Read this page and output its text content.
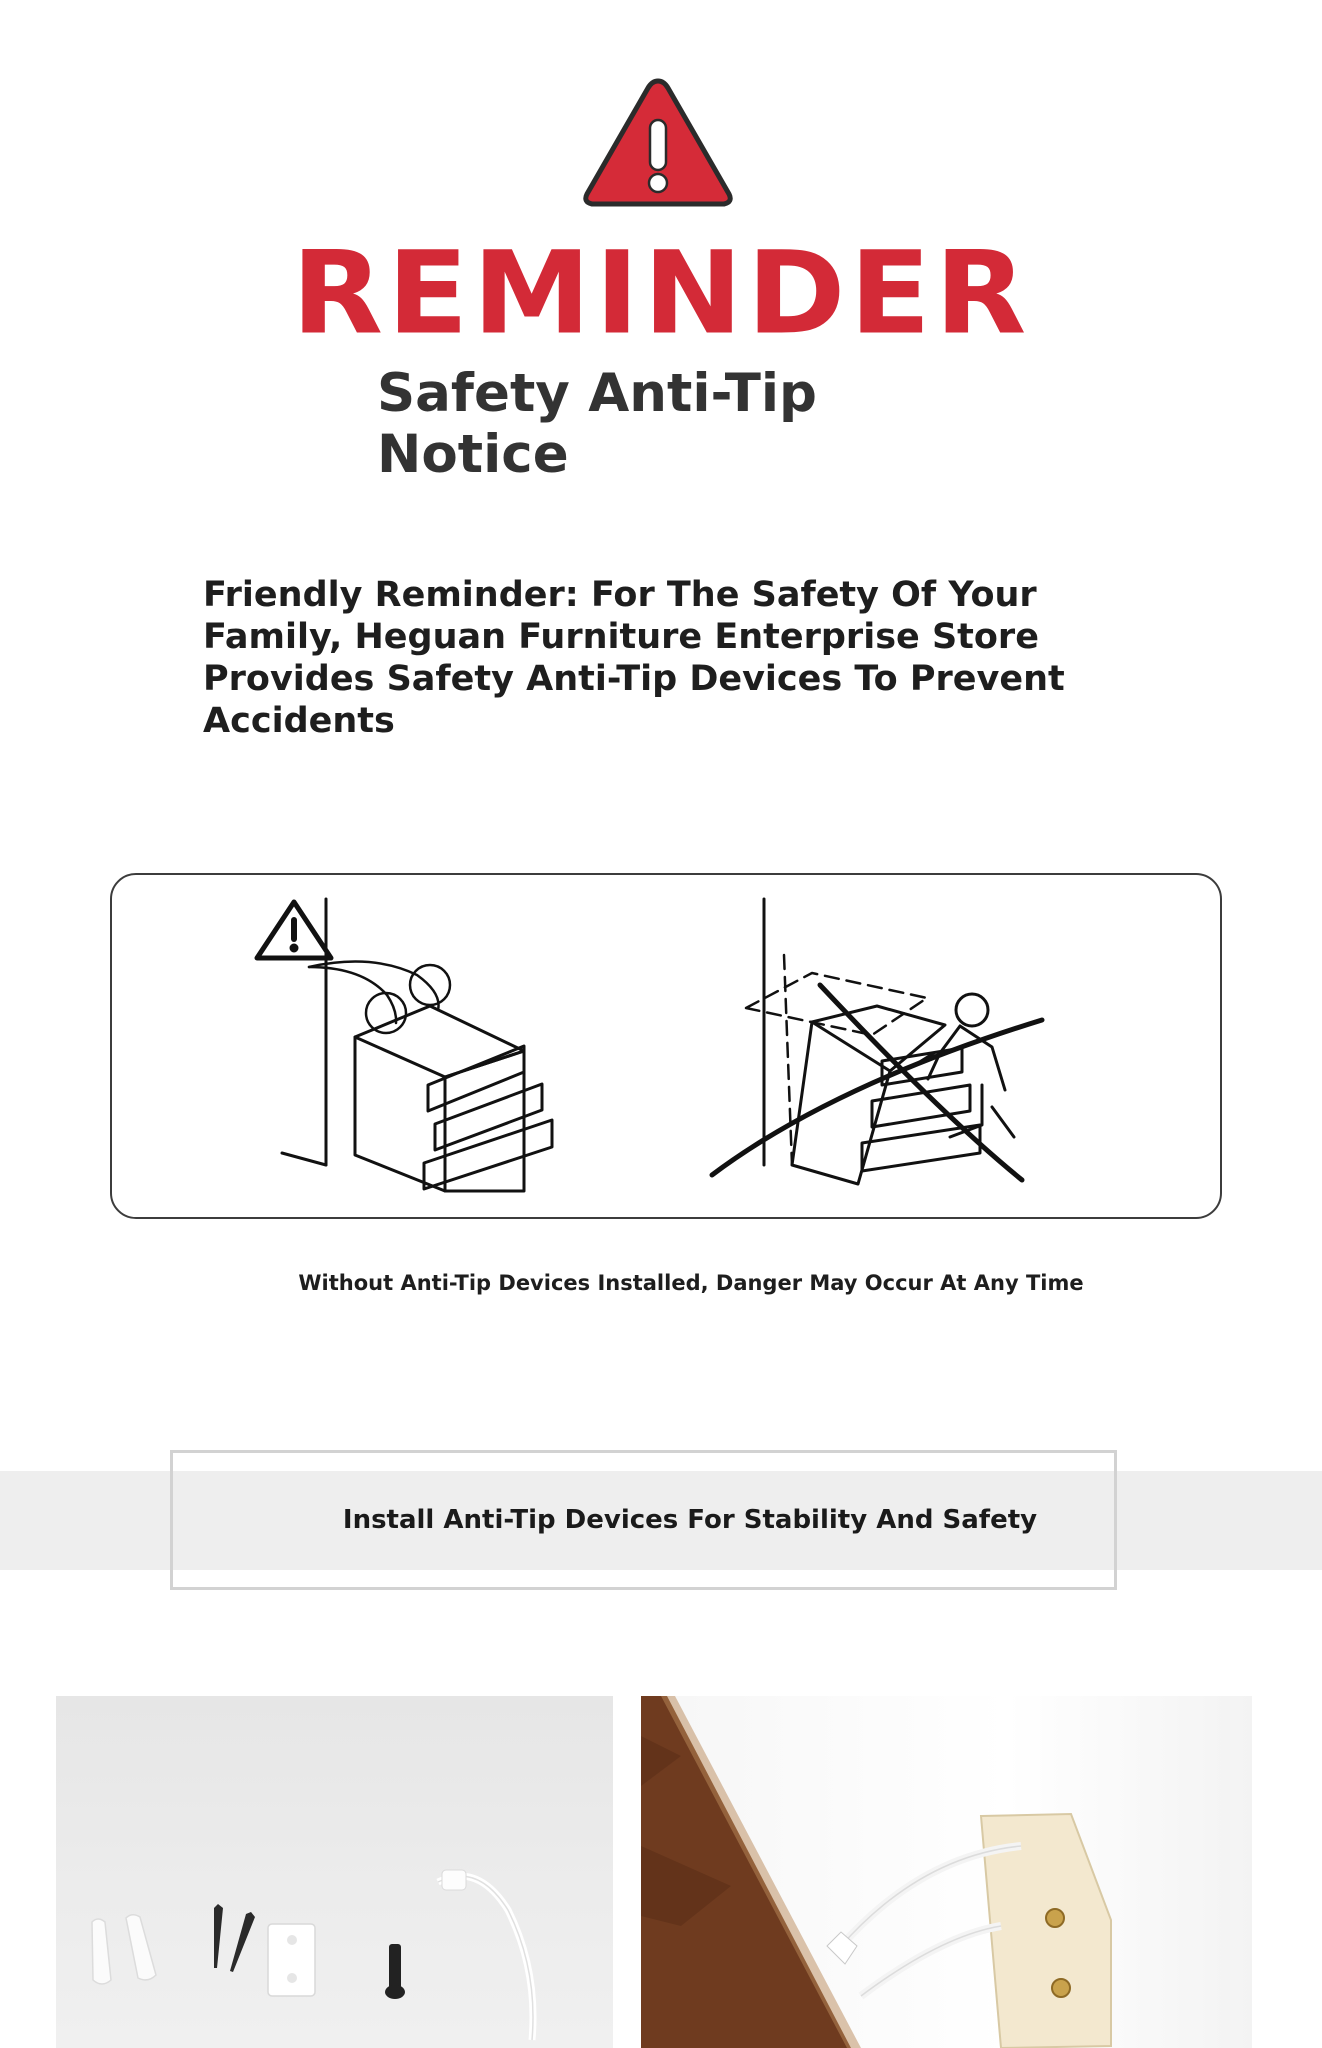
REMINDER
Safety Anti-Tip Notice
Friendly Reminder: For The Safety Of Your Family, Heguan Furniture Enterprise Store Provides Safety Anti-Tip Devices To Prevent Accidents
Without Anti-Tip Devices Installed, Danger May Occur At Any Time
Install Anti-Tip Devices For Stability And Safety
